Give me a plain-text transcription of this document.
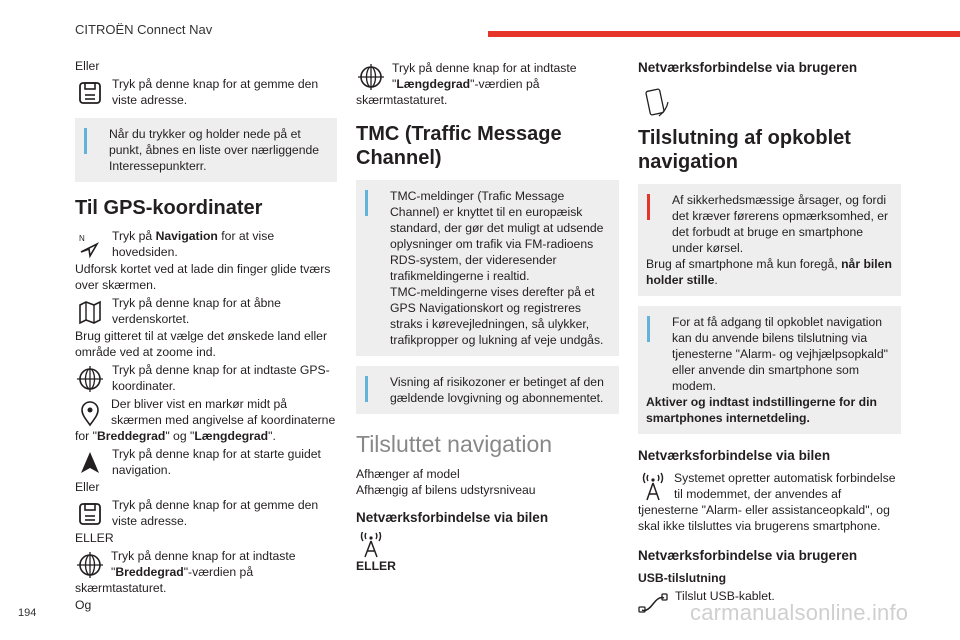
CITROËN Connect Nav
194	carmanualsonline.info

Eller

Tryk på denne knap for at gemme den viste adresse.
Når du trykker og holder nede på et
punkt, åbnes en liste over nærliggende Interessepunkterr.
Til GPS-koordinater
N Tryk på Navigation for at vise hovedsiden.

Udforsk kortet ved at lade din finger glide tværs over skærmen.

Tryk på denne knap for at åbne verdenskortet.

Brug gitteret til at vælge det ønskede land eller område ved at zoome ind.

Tryk på denne knap for at indtaste GPS-koordinater.
Der bliver vist en markør midt på skærmen med angivelse af koordinaterne for "Breddegrad" og "Længdegrad".
Tryk på denne knap for at starte guidet navigation.

Eller

Tryk på denne knap for at gemme den viste adresse.

ELLER

Tryk på denne knap for at indtaste "Breddegrad"-værdien på skærmtastaturet.

Og

Tryk på denne knap for at indtaste "Længdegrad"-værdien på skærmtastaturet.
TMC (Traffic Message Channel)
TMC-meldinger (Trafic Message
Channel) er knyttet til en europæisk standard, der gør det muligt at udsende oplysninger om trafik via FM-radioens RDS-system, der videresender trafikmeldingerne i realtid.
TMC-meldingerne vises derefter på et GPS Navigationskort og registreres straks i kørevejledningen, så ulykker, trafikpropper og lukning af veje undgås.
Visning af risikozoner er betinget af den
gældende lovgivning og abonnementet.
Tilsluttet navigation

Afhænger af model

Afhængig af bilens udstyrsniveau

Netværksforbindelse via bilen

ELLER

Netværksforbindelse via brugeren
Tilslutning af opkoblet navigation
Af sikkerhedsmæssige årsager, og fordi
det kræver førerens opmærksomhed, er det forbudt at bruge en smartphone under kørsel.
Brug af smartphone må kun foregå, når bilen holder stille.
For at få adgang til opkoblet navigation
kan du anvende bilens tilslutning via tjenesterne "Alarm- og vejhjælpsopkald" eller anvende din smartphone som modem.
Aktiver og indtast indstillingerne for din smartphones internetdeling.
Netværksforbindelse via bilen
Systemet opretter automatisk forbindelse til modemmet, der anvendes af tjenesterne "Alarm- eller assistanceopkald", og skal ikke tilsluttes via brugerens smartphone.
Netværksforbindelse via brugeren

USB-tilslutning

Tilslut USB-kablet.
